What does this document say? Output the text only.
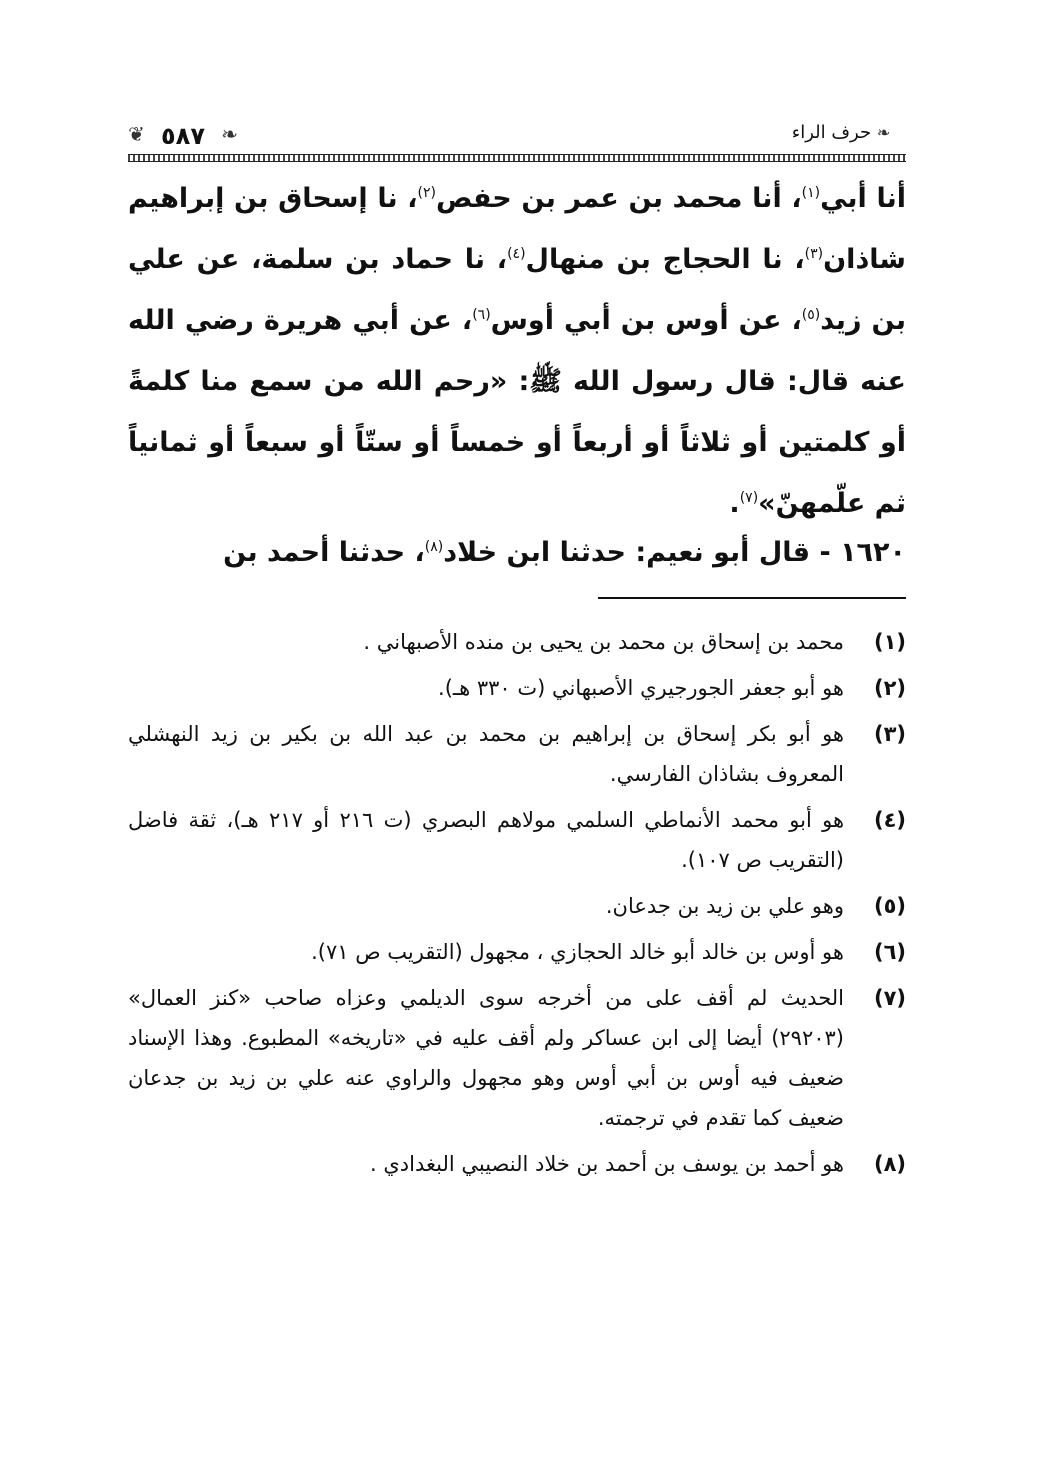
❦ ٥٨٧ ❧	❧ حرف الراء
أنا أبي$^{(١)}$، أنا محمد بن عمر بن حفص$^{(٢)}$، نا إسحاق بن إبراهيم شاذان$^{(٣)}$، نا الحجاج بن منهال$^{(٤)}$، نا حماد بن سلمة، عن علي بن زيد$^{(٥)}$، عن أوس بن أبي أوس$^{(٦)}$، عن أبي هريرة رضي الله عنه قال: قال رسول الله ﷺ: «رحم الله من سمع منا كلمةً أو كلمتين أو ثلاثاً أو أربعاً أو خمساً أو ستّاً أو سبعاً أو ثمانياً ثم علّمهنّ»$^{(٧)}$.
١٦٢٠ - قال أبو نعيم: حدثنا ابن خلاد$^{(٨)}$، حدثنا أحمد بن
(١)
محمد بن إسحاق بن محمد بن يحيى بن منده الأصبهاني .
(٢)
هو أبو جعفر الجورجيري الأصبهاني (ت ٣٣٠ هـ).
(٣)
هو أبو بكر إسحاق بن إبراهيم بن محمد بن عبد الله بن بكير بن زيد النهشلي المعروف بشاذان الفارسي.
(٤)
هو أبو محمد الأنماطي السلمي مولاهم البصري (ت ٢١٦ أو ٢١٧ هـ)، ثقة فاضل (التقريب ص ١٠٧).
(٥)
وهو علي بن زيد بن جدعان.
(٦)
هو أوس بن خالد أبو خالد الحجازي ، مجهول (التقريب ص ٧١).
(٧)
الحديث لم أقف على من أخرجه سوى الديلمي وعزاه صاحب «كنز العمال» (٢٩٢٠٣) أيضا إلى ابن عساكر ولم أقف عليه في «تاريخه» المطبوع. وهذا الإسناد ضعيف فيه أوس بن أبي أوس وهو مجهول والراوي عنه علي بن زيد بن جدعان ضعيف كما تقدم في ترجمته.
(٨)
هو أحمد بن يوسف بن أحمد بن خلاد النصيبي البغدادي .
